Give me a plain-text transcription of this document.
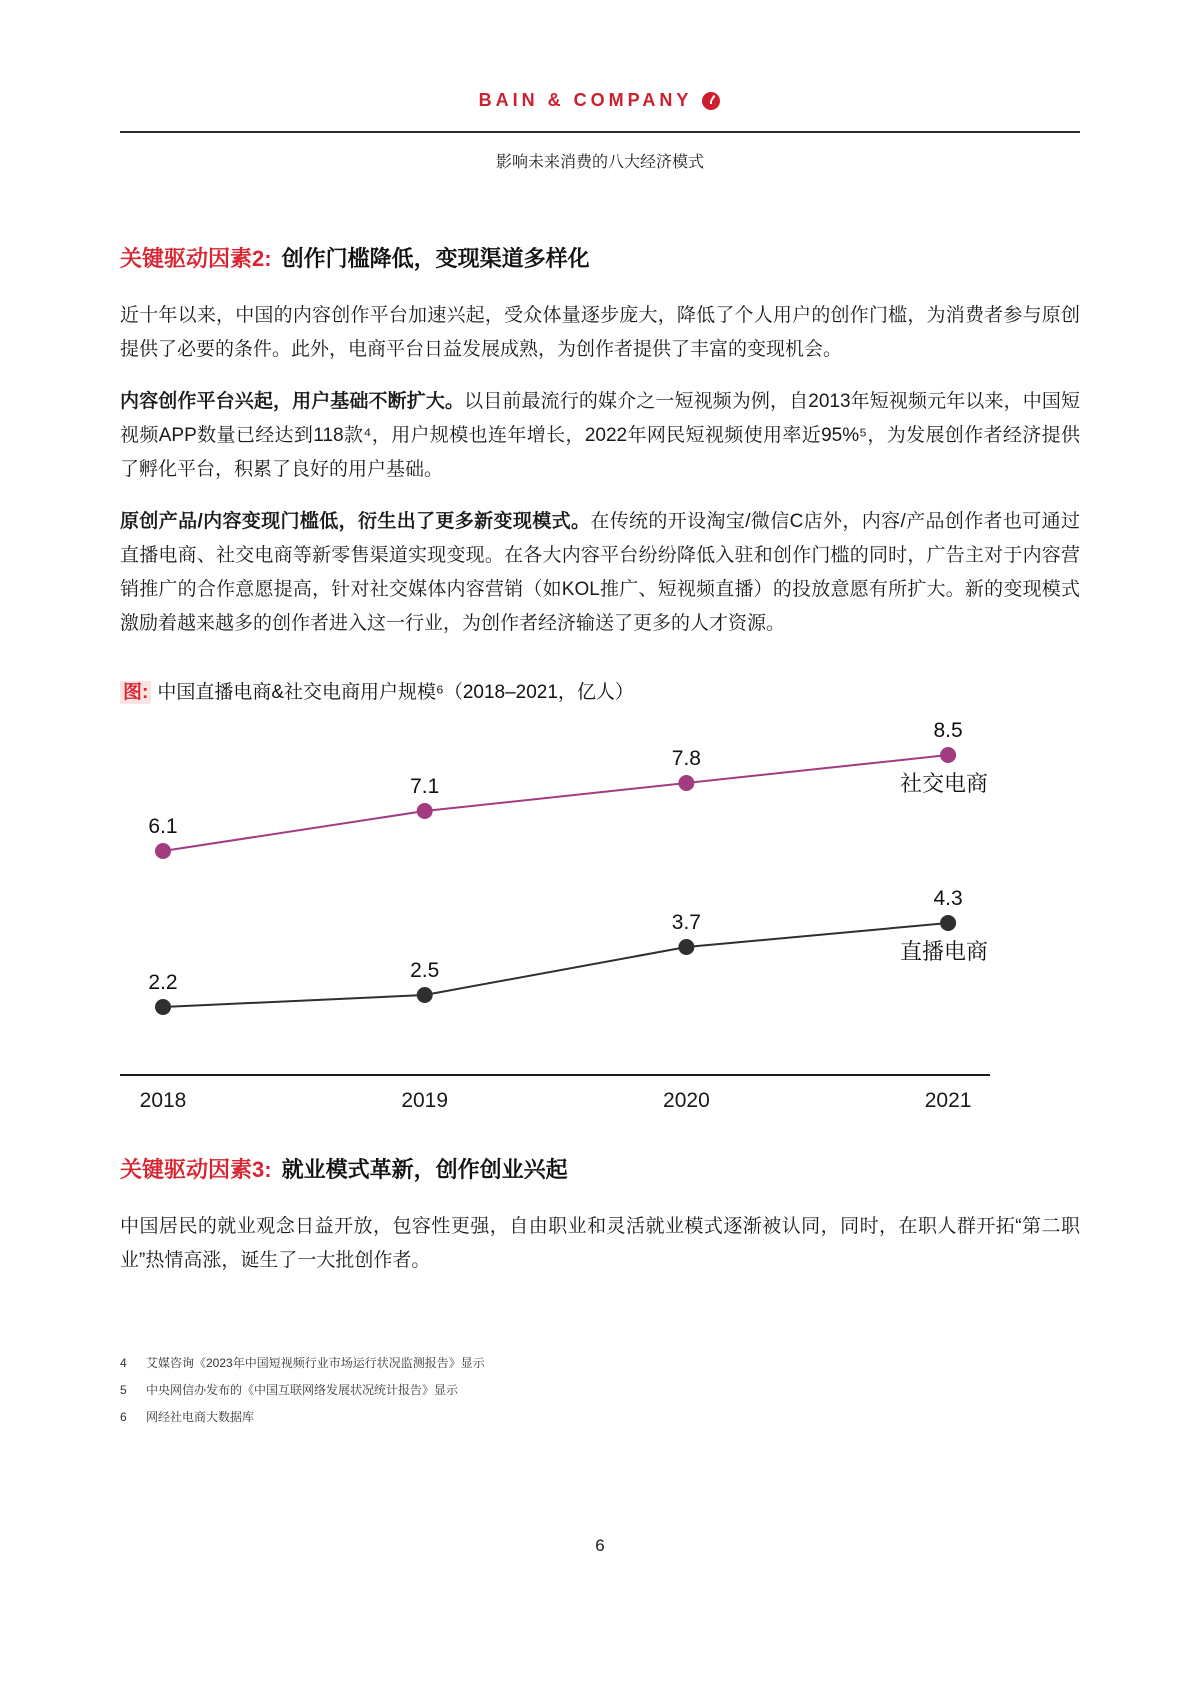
BAIN & COMPANY
影响未来消费的八大经济模式
关键驱动因素2: 创作门槛降低，变现渠道多样化

近十年以来，中国的内容创作平台加速兴起，受众体量逐步庞大，降低了个人用户的创作门槛，为消费者参与原创提供了必要的条件。此外，电商平台日益发展成熟，为创作者提供了丰富的变现机会。

内容创作平台兴起，用户基础不断扩大。以目前最流行的媒介之一短视频为例，自2013年短视频元年以来，中国短视频APP数量已经达到118款⁴，用户规模也连年增长，2022年网民短视频使用率近95%⁵，为发展创作者经济提供了孵化平台，积累了良好的用户基础。

原创产品/内容变现门槛低，衍生出了更多新变现模式。在传统的开设淘宝/微信C店外，内容/产品创作者也可通过直播电商、社交电商等新零售渠道实现变现。在各大内容平台纷纷降低入驻和创作门槛的同时，广告主对于内容营销推广的合作意愿提高，针对社交媒体内容营销（如KOL推广、短视频直播）的投放意愿有所扩大。新的变现模式激励着越来越多的创作者进入这一行业，为创作者经济输送了更多的人才资源。

图: 中国直播电商&社交电商用户规模⁶（2018–2021，亿人）
2018	2019	2020	2021
6.1
7.1
7.8
8.5
社交电商
2.2
2.5
3.7
4.3
直播电商
关键驱动因素3: 就业模式革新，创作创业兴起

中国居民的就业观念日益开放，包容性更强，自由职业和灵活就业模式逐渐被认同，同时，在职人群开拓“第二职业”热情高涨，诞生了一大批创作者。

4	艾媒咨询《2023年中国短视频行业市场运行状况监测报告》显示
5	中央网信办发布的《中国互联网络发展状况统计报告》显示
6	网经社电商大数据库
6
